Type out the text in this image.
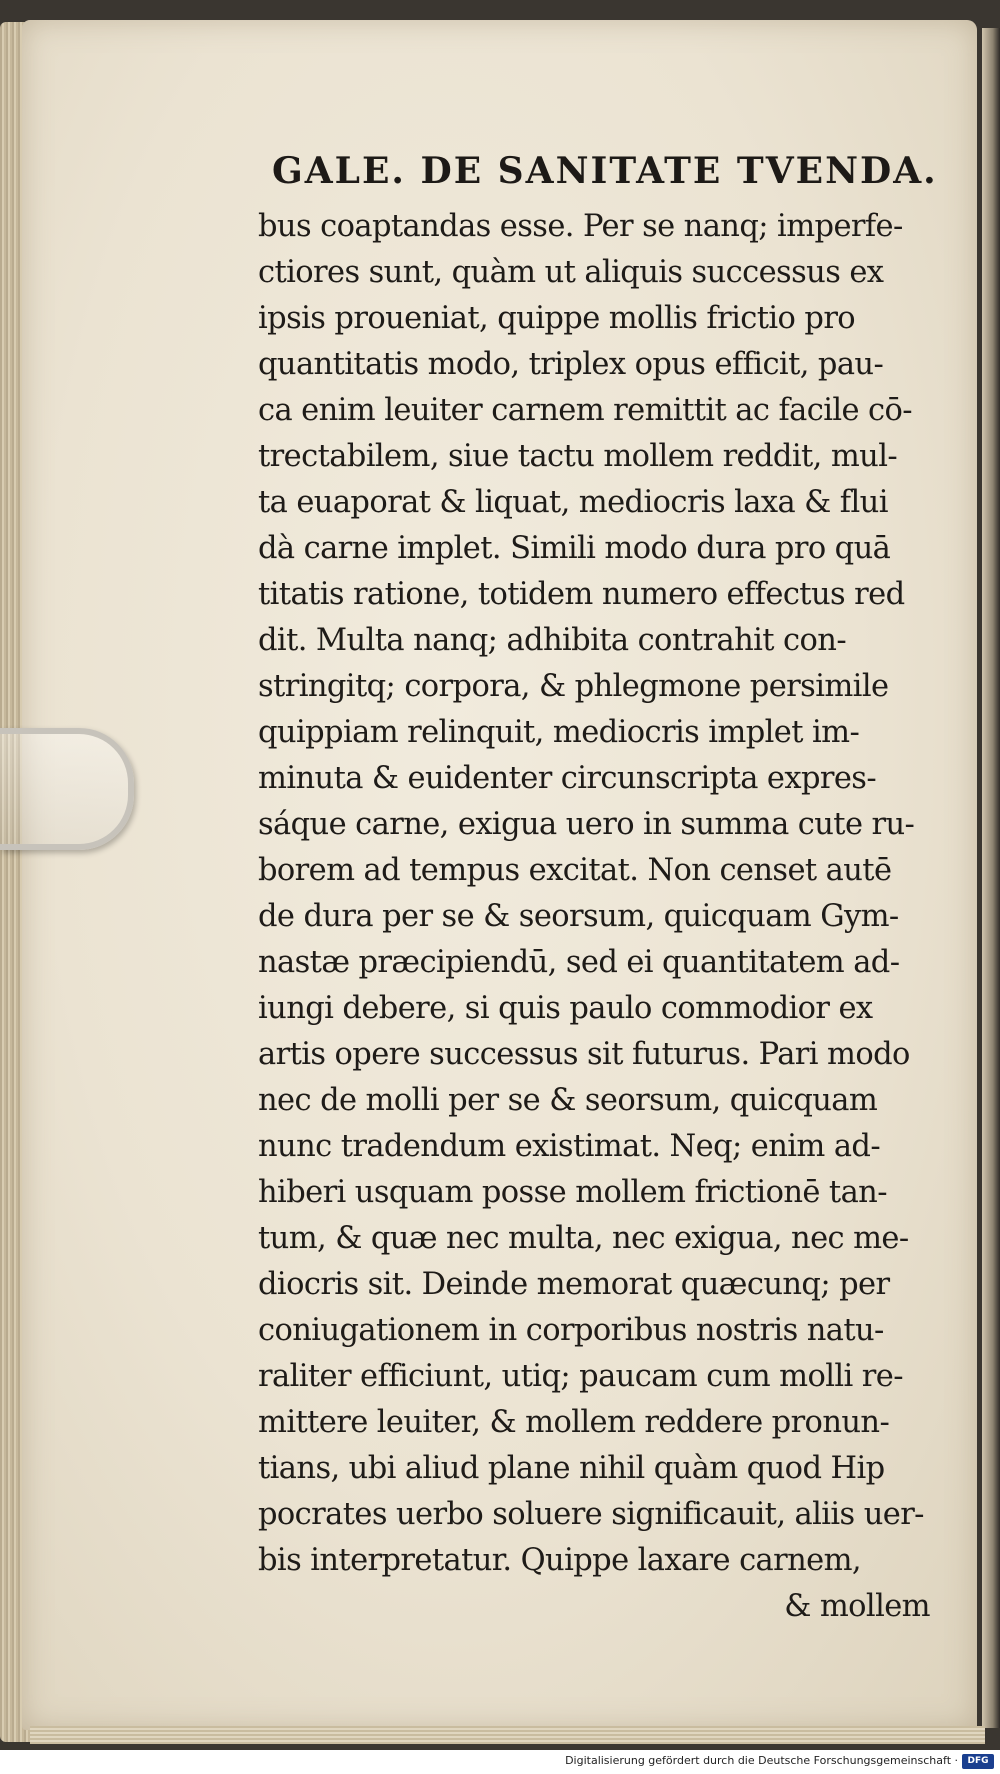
GALE. DE SANITATE TVENDA.
bus coaptandas esse. Per se nanq; imperfe-
ctiores sunt, quàm ut aliquis successus ex
ipsis proueniat, quippe mollis frictio pro
quantitatis modo, triplex opus efficit, pau-
ca enim leuiter carnem remittit ac facile cō-
trectabilem, siue tactu mollem reddit, mul-
ta euaporat & liquat, mediocris laxa & flui
dà carne implet. Simili modo dura pro quā
titatis ratione, totidem numero effectus red
dit. Multa nanq; adhibita contrahit con-
stringitq; corpora, & phlegmone persimile
quippiam relinquit, mediocris implet im-
minuta & euidenter circunscripta expres-
sáque carne, exigua uero in summa cute ru-
borem ad tempus excitat. Non censet autē
de dura per se & seorsum, quicquam Gym-
nastæ præcipiendū, sed ei quantitatem ad-
iungi debere, si quis paulo commodior ex
artis opere successus sit futurus. Pari modo
nec de molli per se & seorsum, quicquam
nunc tradendum existimat. Neq; enim ad-
hiberi usquam posse mollem frictionē tan-
tum, & quæ nec multa, nec exigua, nec me-
diocris sit. Deinde memorat quæcunq; per
coniugationem in corporibus nostris natu-
raliter efficiunt, utiq; paucam cum molli re-
mittere leuiter, & mollem reddere pronun-
tians, ubi aliud plane nihil quàm quod Hip
pocrates uerbo soluere significauit, aliis uer-
bis interpretatur. Quippe laxare carnem,
& mollem
Digitalisierung gefördert durch die Deutsche Forschungsgemeinschaft ·	DFG
